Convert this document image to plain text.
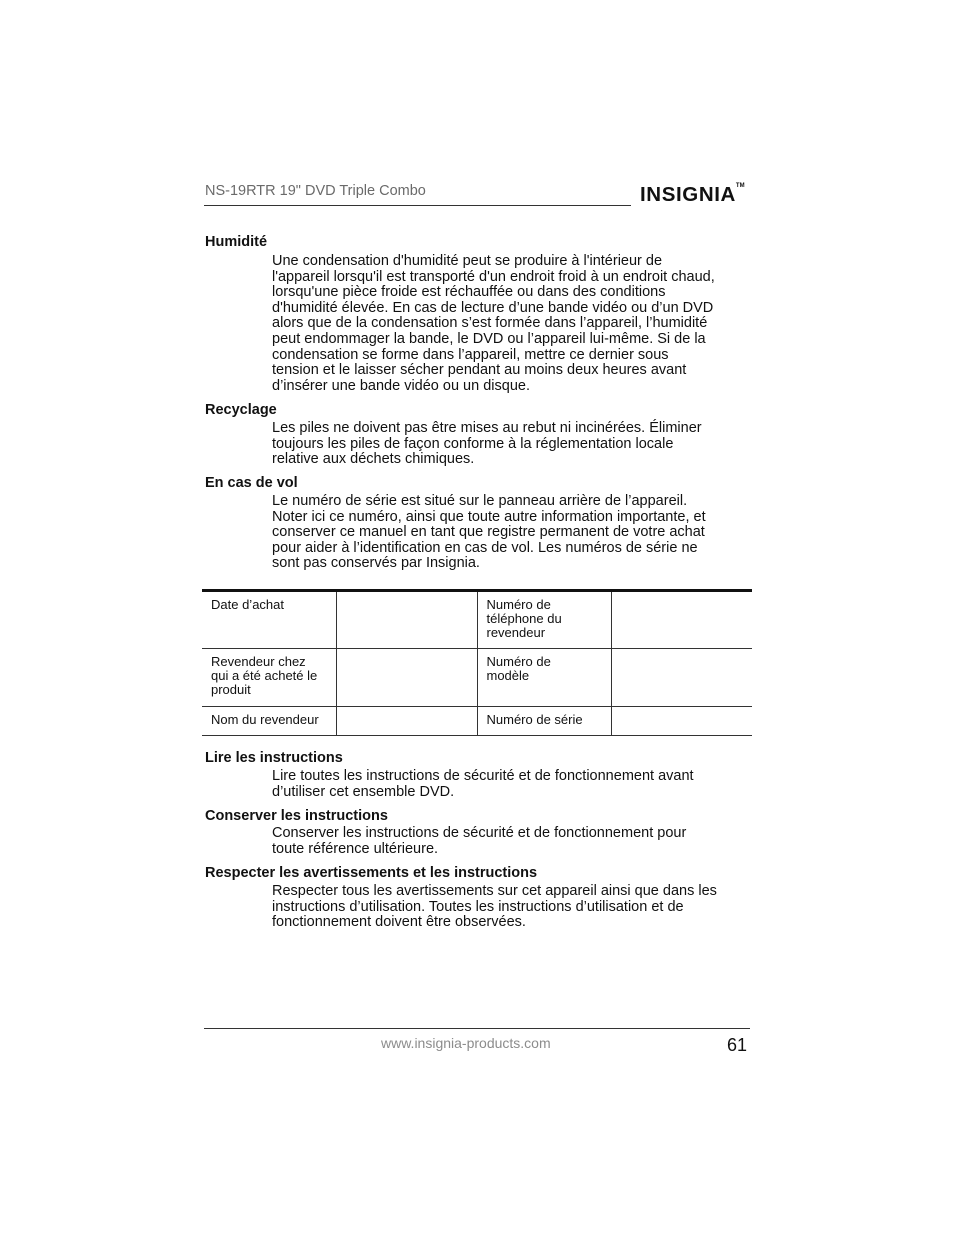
NS-19RTR 19" DVD Triple Combo	INSIGNIA™
Humidité
Une condensation d'humidité peut se produire à l'intérieur de
l'appareil lorsqu'il est transporté d'un endroit froid à un endroit chaud,
lorsqu'une pièce froide est réchauffée ou dans des conditions
d'humidité élevée. En cas de lecture d’une bande vidéo ou d’un DVD
alors que de la condensation s’est formée dans l’appareil, l’humidité
peut endommager la bande, le DVD ou l’appareil lui-même. Si de la
condensation se forme dans l’appareil, mettre ce dernier sous
tension et le laisser sécher pendant au moins deux heures avant
d’insérer une bande vidéo ou un disque.
Recyclage
Les piles ne doivent pas être mises au rebut ni incinérées. Éliminer
toujours les piles de façon conforme à la réglementation locale
relative aux déchets chimiques.
En cas de vol
Le numéro de série est situé sur le panneau arrière de l’appareil.
Noter ici ce numéro, ainsi que toute autre information importante, et
conserver ce manuel en tant que registre permanent de votre achat
pour aider à l’identification en cas de vol. Les numéros de série ne
sont pas conservés par Insignia.
Date d’achat		Numéro de
téléphone du
revendeur	

Revendeur chez
qui a été acheté le
produit		Numéro de
modèle	

Nom du revendeur		Numéro de série	

Lire les instructions
Lire toutes les instructions de sécurité et de fonctionnement avant
d’utiliser cet ensemble DVD.
Conserver les instructions
Conserver les instructions de sécurité et de fonctionnement pour
toute référence ultérieure.
Respecter les avertissements et les instructions
Respecter tous les avertissements sur cet appareil ainsi que dans les
instructions d’utilisation. Toutes les instructions d’utilisation et de
fonctionnement doivent être observées.
www.insignia-products.com	61
